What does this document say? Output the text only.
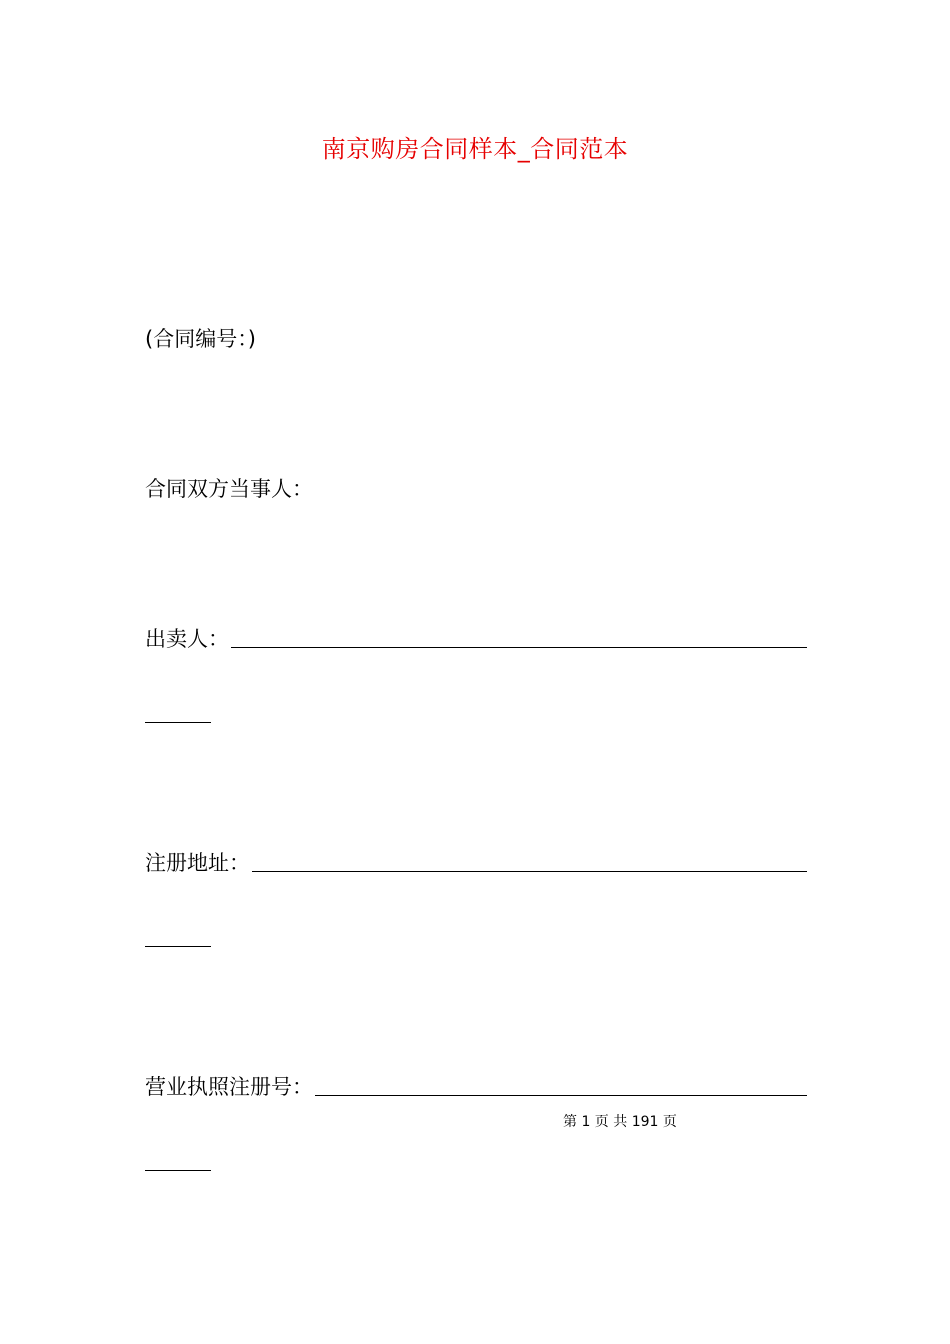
南京购房合同样本_合同范本
(合同编号：)
合同双方当事人：
出卖人：
注册地址：
营业执照注册号：
第 1 页 共 191 页
